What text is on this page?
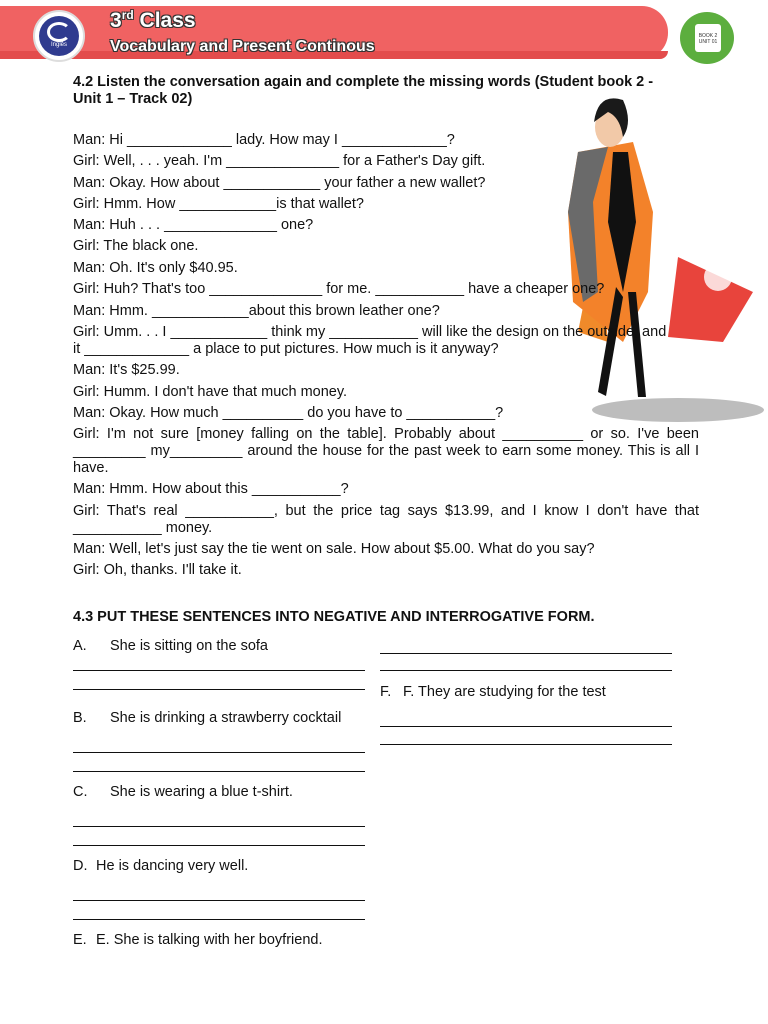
Inglês
3rd Class
Vocabulary and Present Continous
BOOK 2
UNIT 01
4.2 Listen the conversation again and complete the missing words (Student book 2 -
Unit 1 – Track 02)
Man: Hi _____________ lady. How may I _____________?
Girl: Well, . . . yeah. I'm ______________ for a Father's Day gift.
Man: Okay. How about ____________ your father a new wallet?
Girl: Hmm. How ____________is that wallet?
Man: Huh . . . ______________ one?
Girl: The black one.
Man: Oh. It's only $40.95.
Girl: Huh? That's too ______________ for me. ___________ have a cheaper one?
Man: Hmm. ____________about this brown leather one?
Girl: Umm. . . I ____________ think my ___________ will like the design on the outside, and
it _____________ a place to put pictures. How much is it anyway?
Man: It's $25.99.
Girl: Humm. I don't have that much money.
Man: Okay. How much __________ do you have to ___________?
Girl: I'm not sure [money falling on the table]. Probably about __________ or so. I've been _________ my_________ around the house for the past week to earn some money. This is all I have.
Man: Hmm. How about this ___________?
Girl: That's real ___________, but the price tag says $13.99, and I know I don't have that ___________ money.
Man: Well, let's just say the tie went on sale. How about $5.00. What do you say?
Girl: Oh, thanks. I'll take it.
4.3 PUT THESE SENTENCES INTO NEGATIVE AND INTERROGATIVE FORM.
A. She is sitting on the sofa
F. F. They are studying for the test
B. She is drinking a strawberry cocktail
C. She is wearing a blue t-shirt.
D. He is dancing very well.
E. E. She is talking with her boyfriend.
